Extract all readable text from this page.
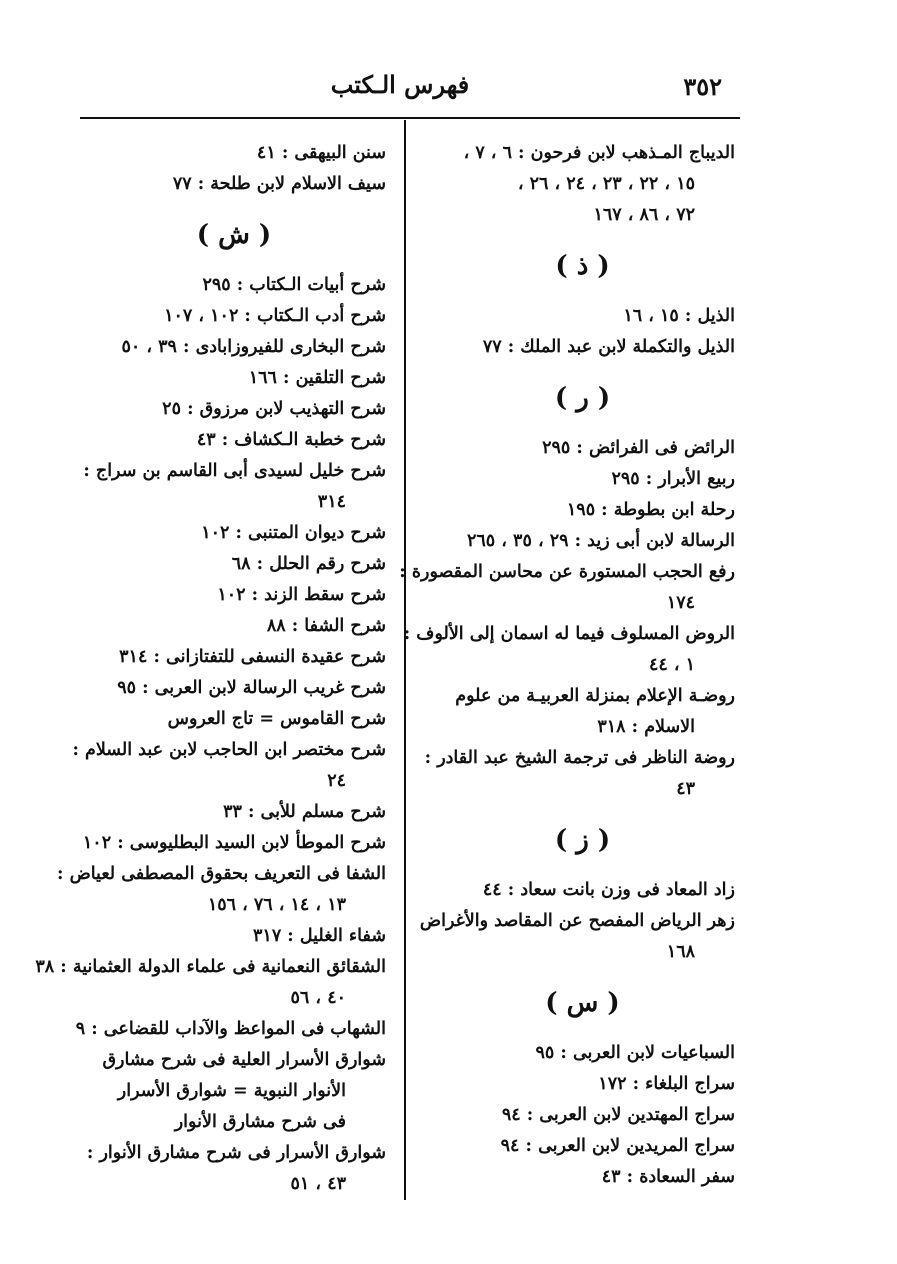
٣٥٢
فهرس الـكتب
الديباج المـذهب لابن فرحون : ٦ ، ٧ ،
١٥ ، ٢٢ ، ٢٣ ، ٢٤ ، ٢٦ ،
٧٢ ، ٨٦ ، ١٦٧
( ذ )
الذيل : ١٥ ، ١٦
الذيل والتكملة لابن عبد الملك : ٧٧
( ر )
الرائض فى الفرائض : ٢٩٥
ربيع الأبرار : ٢٩٥
رحلة ابن بطوطة : ١٩٥
الرسالة لابن أبى زيد : ٢٩ ، ٣٥ ، ٢٦٥
رفع الحجب المستورة عن محاسن المقصورة :
١٧٤
الروض المسلوف فيما له اسمان إلى الألوف :
١ ، ٤٤
روضـة الإعلام بمنزلة العربيـة من علوم
الاسلام : ٣١٨
روضة الناظر فى ترجمة الشيخ عبد القادر :
٤٣
( ز )
زاد المعاد فى وزن بانت سعاد : ٤٤
زهر الرياض المفصح عن المقاصد والأغراض
١٦٨
( س )
السباعيات لابن العربى : ٩٥
سراج البلغاء : ١٧٢
سراج المهتدين لابن العربى : ٩٤
سراج المريدين لابن العربى : ٩٤
سفر السعادة : ٤٣
سنن البيهقى : ٤١
سيف الاسلام لابن طلحة : ٧٧
( ش )
شرح أبيات الـكتاب : ٢٩٥
شرح أدب الـكتاب : ١٠٢ ، ١٠٧
شرح البخارى للفيروزابادى : ٣٩ ، ٥٠
شرح التلقين : ١٦٦
شرح التهذيب لابن مرزوق : ٢٥
شرح خطبة الـكشاف : ٤٣
شرح خليل لسيدى أبى القاسم بن سراج :
٣١٤
شرح ديوان المتنبى : ١٠٢
شرح رقم الحلل : ٦٨
شرح سقط الزند : ١٠٢
شرح الشفا : ٨٨
شرح عقيدة النسفى للتفتازانى : ٣١٤
شرح غريب الرسالة لابن العربى : ٩٥
شرح القاموس = تاج العروس
شرح مختصر ابن الحاجب لابن عبد السلام :
٢٤
شرح مسلم للأبى : ٣٣
شرح الموطأ لابن السيد البطليوسى : ١٠٢
الشفا فى التعريف بحقوق المصطفى لعياض :
١٣ ، ١٤ ، ٧٦ ، ١٥٦
شفاء الغليل : ٣١٧
الشقائق النعمانية فى علماء الدولة العثمانية : ٣٨
٤٠ ، ٥٦
الشهاب فى المواعظ والآداب للقضاعى : ٩
شوارق الأسرار العلية فى شرح مشارق
الأنوار النبوية = شوارق الأسرار
فى شرح مشارق الأنوار
شوارق الأسرار فى شرح مشارق الأنوار :
٤٣ ، ٥١
